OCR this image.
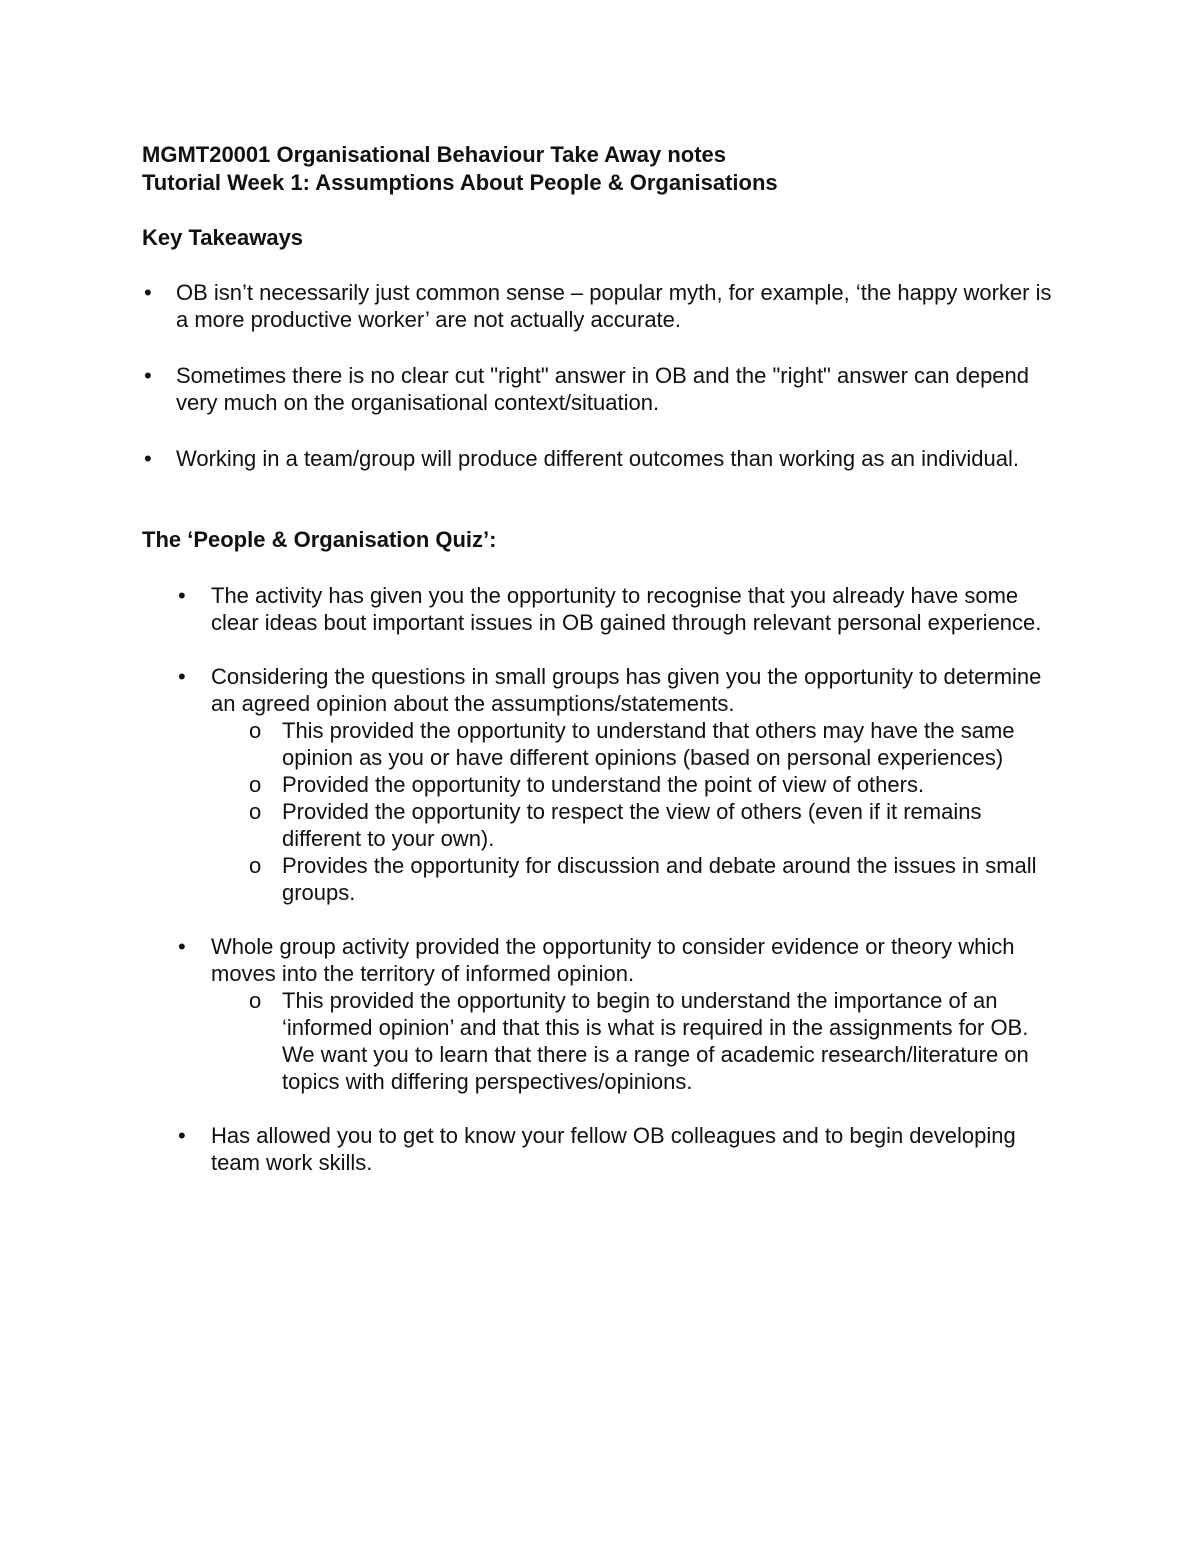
MGMT20001 Organisational Behaviour Take Away notes
Tutorial Week 1: Assumptions About People & Organisations
Key Takeaways
• OB isn’t necessarily just common sense – popular myth, for example, ‘the happy worker is a more productive worker’ are not actually accurate.
• Sometimes there is no clear cut "right" answer in OB and the "right" answer can depend very much on the organisational context/situation.
• Working in a team/group will produce different outcomes than working as an individual.
The ‘People & Organisation Quiz’:
• The activity has given you the opportunity to recognise that you already have some clear ideas bout important issues in OB gained through relevant personal experience.
• Considering the questions in small groups has given you the opportunity to determine an agreed opinion about the assumptions/statements.
o This provided the opportunity to understand that others may have the same opinion as you or have different opinions (based on personal experiences)
o Provided the opportunity to understand the point of view of others.
o Provided the opportunity to respect the view of others (even if it remains different to your own).
o Provides the opportunity for discussion and debate around the issues in small groups.
• Whole group activity provided the opportunity to consider evidence or theory which moves into the territory of informed opinion.
o This provided the opportunity to begin to understand the importance of an ‘informed opinion’ and that this is what is required in the assignments for OB. We want you to learn that there is a range of academic research/literature on topics with differing perspectives/opinions.
• Has allowed you to get to know your fellow OB colleagues and to begin developing team work skills.
